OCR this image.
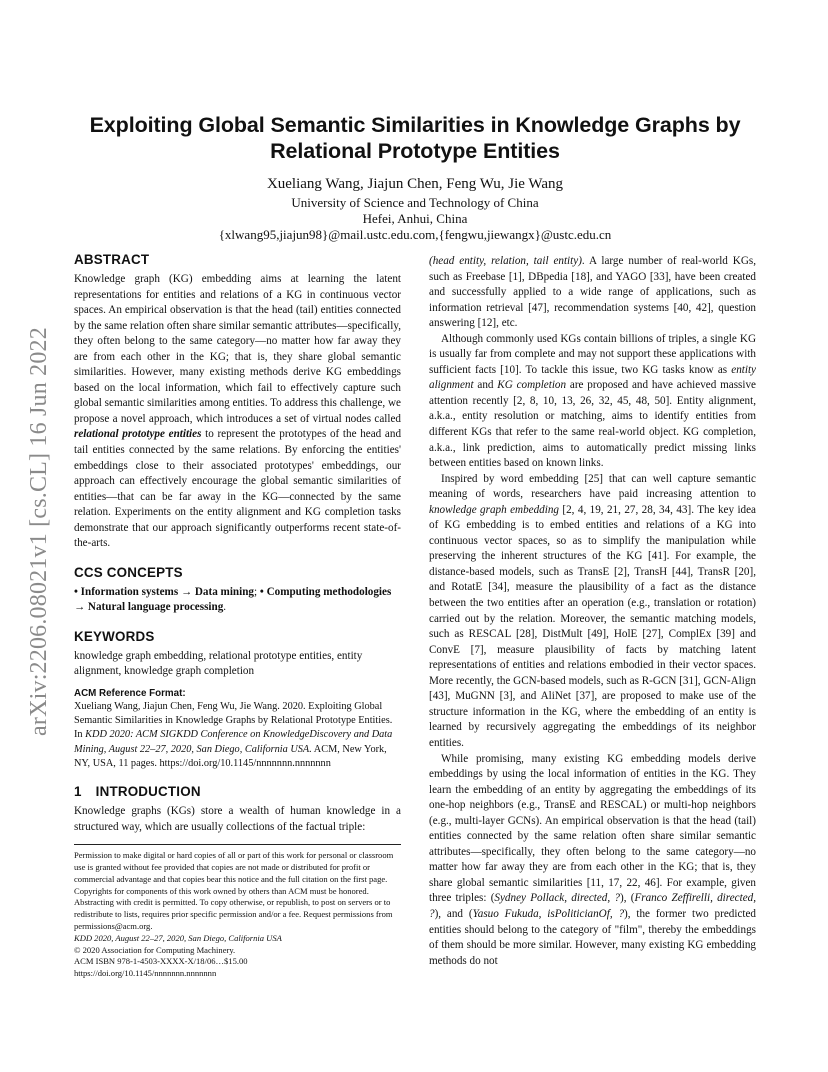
arXiv:2206.08021v1 [cs.CL] 16 Jun 2022
Exploiting Global Semantic Similarities in Knowledge Graphs by Relational Prototype Entities
Xueliang Wang, Jiajun Chen, Feng Wu, Jie Wang
University of Science and Technology of China
Hefei, Anhui, China
{xlwang95,jiajun98}@mail.ustc.edu.com,{fengwu,jiewangx}@ustc.edu.cn
ABSTRACT

Knowledge graph (KG) embedding aims at learning the latent representations for entities and relations of a KG in continuous vector spaces. An empirical observation is that the head (tail) entities connected by the same relation often share similar semantic attributes—specifically, they often belong to the same category—no matter how far away they are from each other in the KG; that is, they share global semantic similarities. However, many existing methods derive KG embeddings based on the local information, which fail to effectively capture such global semantic similarities among entities. To address this challenge, we propose a novel approach, which introduces a set of virtual nodes called relational prototype entities to represent the prototypes of the head and tail entities connected by the same relations. By enforcing the entities' embeddings close to their associated prototypes' embeddings, our approach can effectively encourage the global semantic similarities of entities—that can be far away in the KG—connected by the same relation. Experiments on the entity alignment and KG completion tasks demonstrate that our approach significantly outperforms recent state-of-the-arts.

CCS CONCEPTS

• Information systems → Data mining; • Computing methodologies → Natural language processing.

KEYWORDS

knowledge graph embedding, relational prototype entities, entity alignment, knowledge graph completion

ACM Reference Format:

Xueliang Wang, Jiajun Chen, Feng Wu, Jie Wang. 2020. Exploiting Global Semantic Similarities in Knowledge Graphs by Relational Prototype Entities. In KDD 2020: ACM SIGKDD Conference on KnowledgeDiscovery and Data Mining, August 22–27, 2020, San Diego, California USA. ACM, New York, NY, USA, 11 pages. https://doi.org/10.1145/nnnnnnn.nnnnnnn

1 INTRODUCTION

Knowledge graphs (KGs) store a wealth of human knowledge in a structured way, which are usually collections of the factual triple:

Permission to make digital or hard copies of all or part of this work for personal or classroom use is granted without fee provided that copies are not made or distributed for profit or commercial advantage and that copies bear this notice and the full citation on the first page. Copyrights for components of this work owned by others than ACM must be honored. Abstracting with credit is permitted. To copy otherwise, or republish, to post on servers or to redistribute to lists, requires prior specific permission and/or a fee. Request permissions from permissions@acm.org.

KDD 2020, August 22–27, 2020, San Diego, California USA

© 2020 Association for Computing Machinery.

ACM ISBN 978-1-4503-XXXX-X/18/06…$15.00

https://doi.org/10.1145/nnnnnnn.nnnnnnn

(head entity, relation, tail entity). A large number of real-world KGs, such as Freebase [1], DBpedia [18], and YAGO [33], have been created and successfully applied to a wide range of applications, such as information retrieval [47], recommendation systems [40, 42], question answering [12], etc.

Although commonly used KGs contain billions of triples, a single KG is usually far from complete and may not support these applications with sufficient facts [10]. To tackle this issue, two KG tasks know as entity alignment and KG completion are proposed and have achieved massive attention recently [2, 8, 10, 13, 26, 32, 45, 48, 50]. Entity alignment, a.k.a., entity resolution or matching, aims to identify entities from different KGs that refer to the same real-world object. KG completion, a.k.a., link prediction, aims to automatically predict missing links between entities based on known links.

Inspired by word embedding [25] that can well capture semantic meaning of words, researchers have paid increasing attention to knowledge graph embedding [2, 4, 19, 21, 27, 28, 34, 43]. The key idea of KG embedding is to embed entities and relations of a KG into continuous vector spaces, so as to simplify the manipulation while preserving the inherent structures of the KG [41]. For example, the distance-based models, such as TransE [2], TransH [44], TransR [20], and RotatE [34], measure the plausibility of a fact as the distance between the two entities after an operation (e.g., translation or rotation) carried out by the relation. Moreover, the semantic matching models, such as RESCAL [28], DistMult [49], HolE [27], ComplEx [39] and ConvE [7], measure plausibility of facts by matching latent representations of entities and relations embodied in their vector spaces. More recently, the GCN-based models, such as R-GCN [31], GCN-Align [43], MuGNN [3], and AliNet [37], are proposed to make use of the structure information in the KG, where the embedding of an entity is learned by recursively aggregating the embeddings of its neighbor entities.

While promising, many existing KG embedding models derive embeddings by using the local information of entities in the KG. They learn the embedding of an entity by aggregating the embeddings of its one-hop neighbors (e.g., TransE and RESCAL) or multi-hop neighbors (e.g., multi-layer GCNs). An empirical observation is that the head (tail) entities connected by the same relation often share similar semantic attributes—specifically, they often belong to the same category—no matter how far away they are from each other in the KG; that is, they share global semantic similarities [11, 17, 22, 46]. For example, given three triples: (Sydney Pollack, directed, ?), (Franco Zeffirelli, directed, ?), and (Yasuo Fukuda, isPoliticianOf, ?), the former two predicted entities should belong to the category of "film", thereby the embeddings of them should be more similar. However, many existing KG embedding methods do not
